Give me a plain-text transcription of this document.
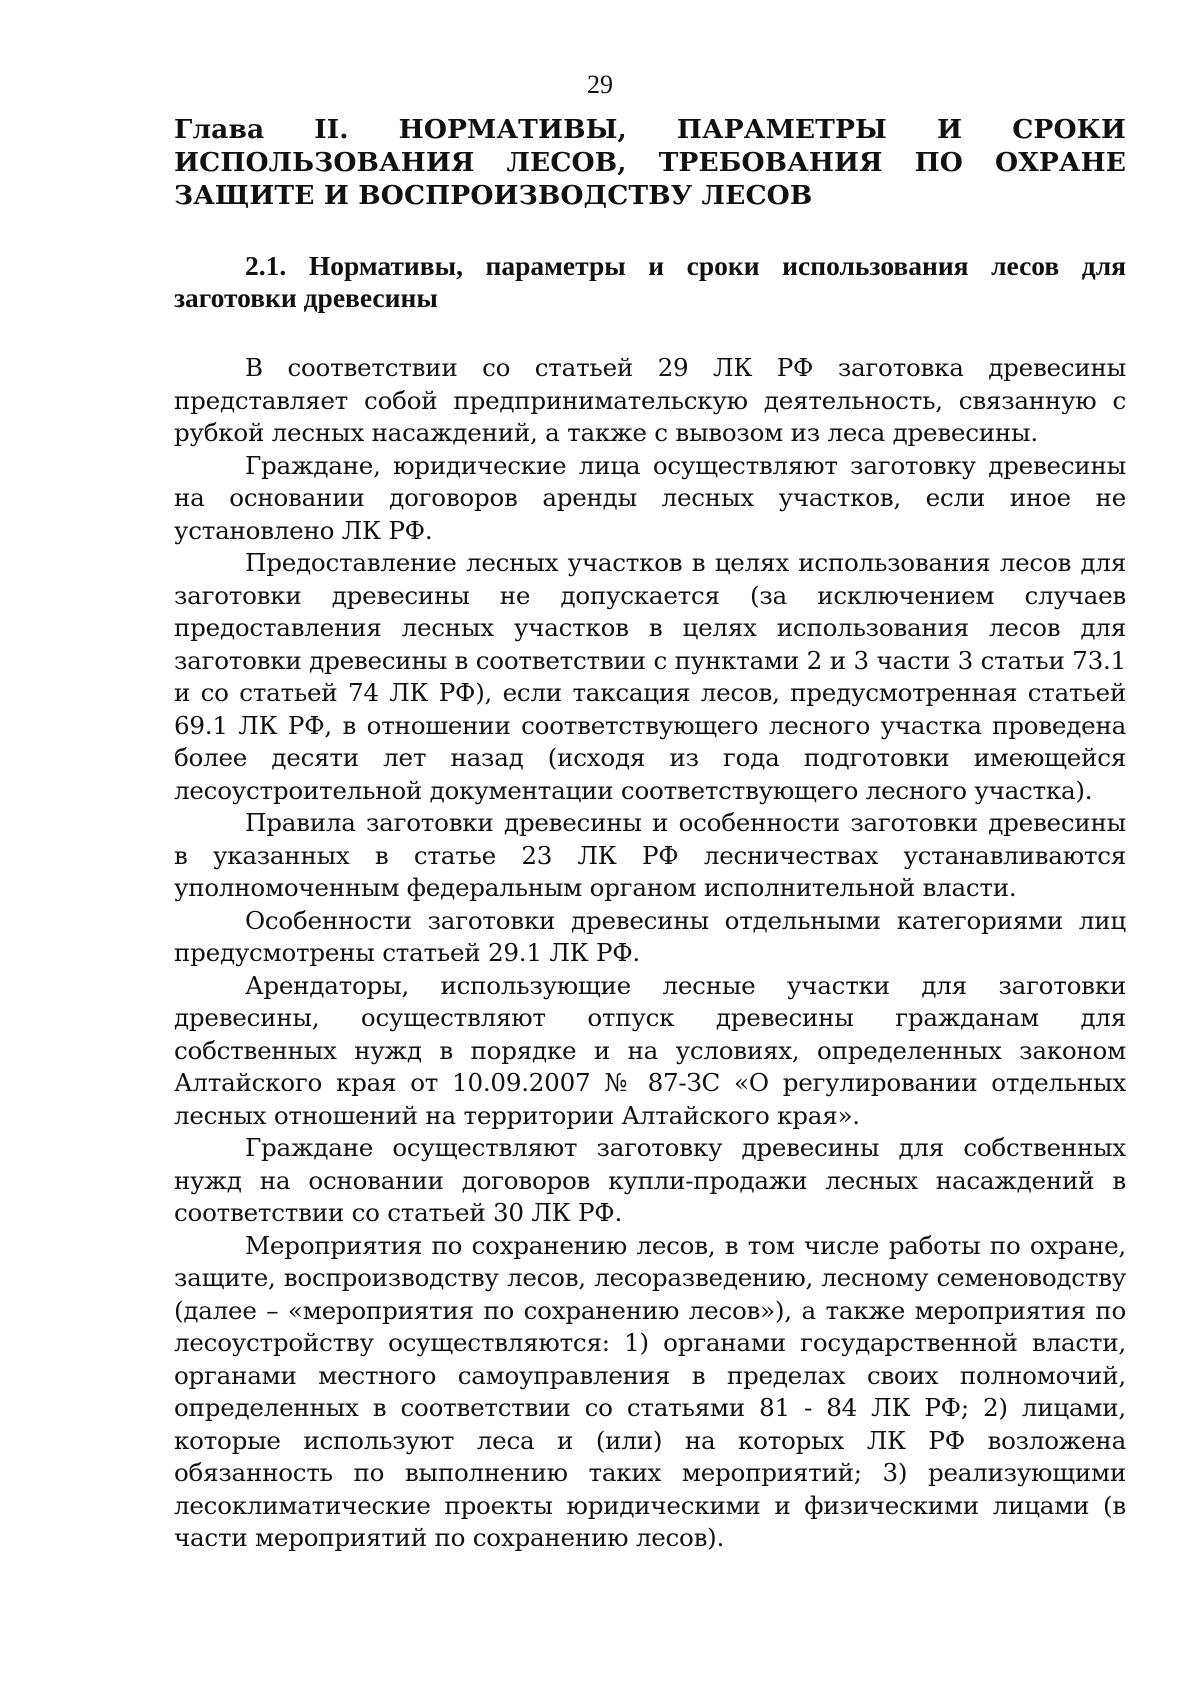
29
Глава II. НОРМАТИВЫ, ПАРАМЕТРЫ И СРОКИ ИСПОЛЬЗОВАНИЯ ЛЕСОВ, ТРЕБОВАНИЯ ПО ОХРАНЕ ЗАЩИТЕ И ВОСПРОИЗВОДСТВУ ЛЕСОВ
2.1. Нормативы, параметры и сроки использования лесов для заготовки древесины

В соответствии со статьей 29 ЛК РФ заготовка древесины представляет собой предпринимательскую деятельность, связанную с рубкой лесных насаждений, а также с вывозом из леса древесины.

Граждане, юридические лица осуществляют заготовку древесины на основании договоров аренды лесных участков, если иное не установлено ЛК РФ.

Предоставление лесных участков в целях использования лесов для заготовки древесины не допускается (за исключением случаев предоставления лесных участков в целях использования лесов для заготовки древесины в соответствии с пунктами 2 и 3 части 3 статьи 73.1 и со статьей 74 ЛК РФ), если таксация лесов, предусмотренная статьей 69.1 ЛК РФ, в отношении соответствующего лесного участка проведена более десяти лет назад (исходя из года подготовки имеющейся лесоустроительной документации соответствующего лесного участка).

Правила заготовки древесины и особенности заготовки древесины в указанных в статье 23 ЛК РФ лесничествах устанавливаются уполномоченным федеральным органом исполнительной власти.

Особенности заготовки древесины отдельными категориями лиц предусмотрены статьей 29.1 ЛК РФ.

Арендаторы, использующие лесные участки для заготовки древесины, осуществляют отпуск древесины гражданам для собственных нужд в порядке и на условиях, определенных законом Алтайского края от 10.09.2007 № 87-ЗС «О регулировании отдельных лесных отношений на территории Алтайского края».

Граждане осуществляют заготовку древесины для собственных нужд на основании договоров купли-продажи лесных насаждений в соответствии со статьей 30 ЛК РФ.

Мероприятия по сохранению лесов, в том числе работы по охране, защите, воспроизводству лесов, лесоразведению, лесному семеноводству (далее – «мероприятия по сохранению лесов»), а также мероприятия по лесоустройству осуществляются: 1) органами государственной власти, органами местного самоуправления в пределах своих полномочий, определенных в соответствии со статьями 81 - 84 ЛК РФ; 2) лицами, которые используют леса и (или) на которых ЛК РФ возложена обязанность по выполнению таких мероприятий; 3) реализующими лесоклиматические проекты юридическими и физическими лицами (в части мероприятий по сохранению лесов).
